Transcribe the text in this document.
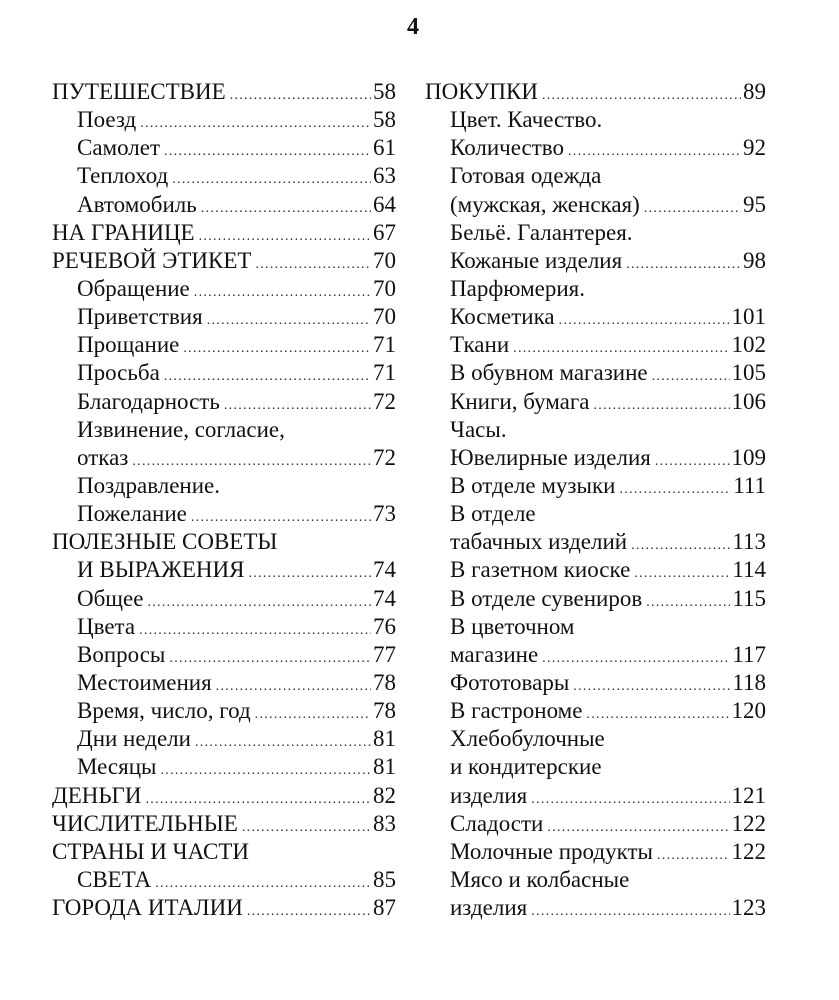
4
ПУТЕШЕСТВИЕ .....	58
Поезд .....	58
Самолет .....	61
Теплоход .....	63
Автомобиль .....	64
НА ГРАНИЦЕ .....	67
РЕЧЕВОЙ ЭТИКЕТ .....	70
Обращение .....	70
Приветствия .....	70
Прощание .....	71
Просьба .....	71
Благодарность .....	72
Извинение, согласие,
отказ .....	72
Поздравление.
Пожелание .....	73
ПОЛЕЗНЫЕ СОВЕТЫ
И ВЫРАЖЕНИЯ .....	74
Общее .....	74
Цвета .....	76
Вопросы .....	77
Местоимения .....	78
Время, число, год .....	78
Дни недели .....	81
Месяцы .....	81
ДЕНЬГИ .....	82
ЧИСЛИТЕЛЬНЫЕ .....	83
СТРАНЫ И ЧАСТИ
СВЕТА .....	85
ГОРОДА ИТАЛИИ .....	87
ПОКУПКИ .....	89
Цвет. Качество.
Количество .....	92
Готовая одежда
(мужская, женская) .....	95
Бельё. Галантерея.
Кожаные изделия .....	98
Парфюмерия.
Косметика .....	101
Ткани .....	102
В обувном магазине .....	105
Книги, бумага .....	106
Часы.
Ювелирные изделия .....	109
В отделе музыки .....	111
В отделе
табачных изделий .....	113
В газетном киоске .....	114
В отделе сувениров .....	115
В цветочном
магазине .....	117
Фототовары .....	118
В гастрономе .....	120
Хлебобулочные
и кондитерские
изделия .....	121
Сладости .....	122
Молочные продукты .....	122
Мясо и колбасные
изделия .....	123
